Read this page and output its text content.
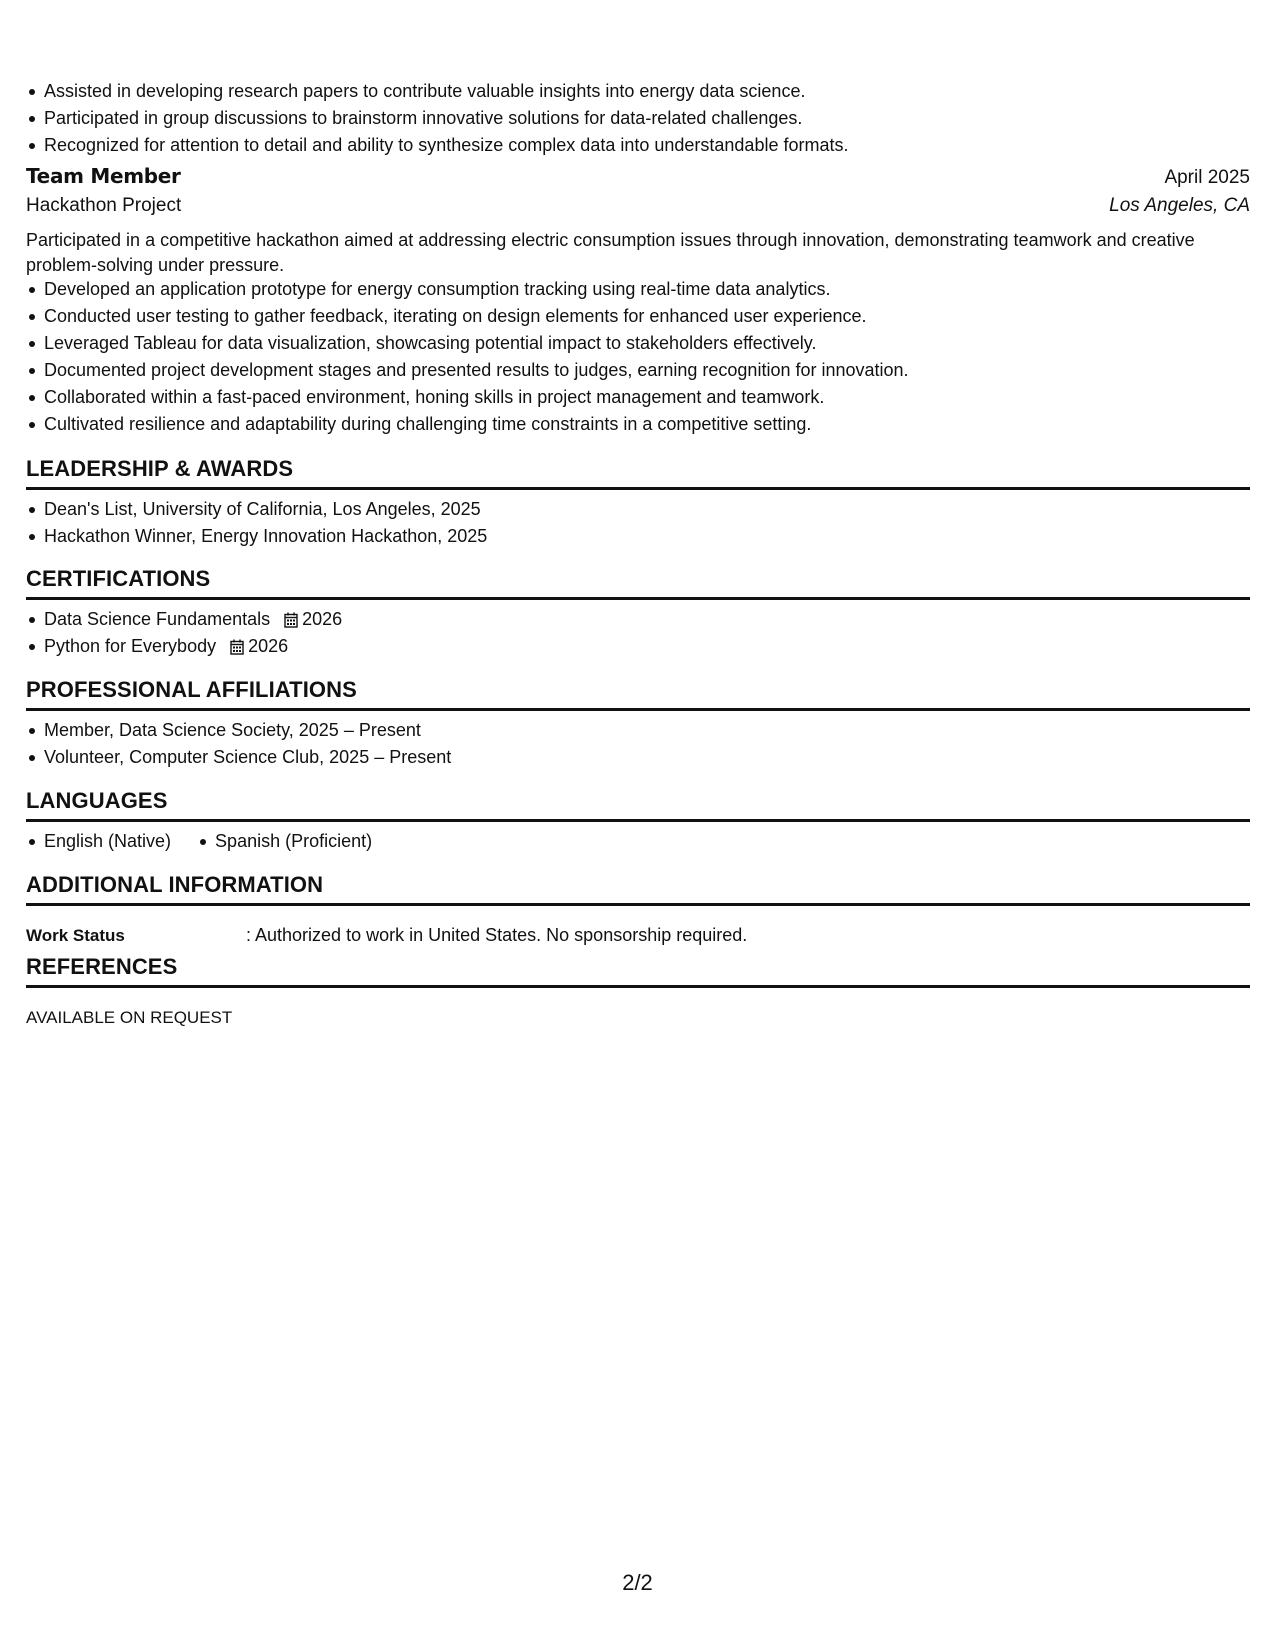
Assisted in developing research papers to contribute valuable insights into energy data science.
Participated in group discussions to brainstorm innovative solutions for data-related challenges.
Recognized for attention to detail and ability to synthesize complex data into understandable formats.
Team Member	April 2025
Hackathon Project	Los Angeles, CA
Participated in a competitive hackathon aimed at addressing electric consumption issues through innovation, demonstrating teamwork and creative problem-solving under pressure.
Developed an application prototype for energy consumption tracking using real-time data analytics.
Conducted user testing to gather feedback, iterating on design elements for enhanced user experience.
Leveraged Tableau for data visualization, showcasing potential impact to stakeholders effectively.
Documented project development stages and presented results to judges, earning recognition for innovation.
Collaborated within a fast-paced environment, honing skills in project management and teamwork.
Cultivated resilience and adaptability during challenging time constraints in a competitive setting.
LEADERSHIP & AWARDS
Dean's List, University of California, Los Angeles, 2025
Hackathon Winner, Energy Innovation Hackathon, 2025
CERTIFICATIONS
Data Science Fundamentals 2026
Python for Everybody 2026
PROFESSIONAL AFFILIATIONS
Member, Data Science Society, 2025 – Present
Volunteer, Computer Science Club, 2025 – Present
LANGUAGES
English (Native)	Spanish (Proficient)
ADDITIONAL INFORMATION
Work Status	: Authorized to work in United States. No sponsorship required.
REFERENCES
AVAILABLE ON REQUEST
2/2
